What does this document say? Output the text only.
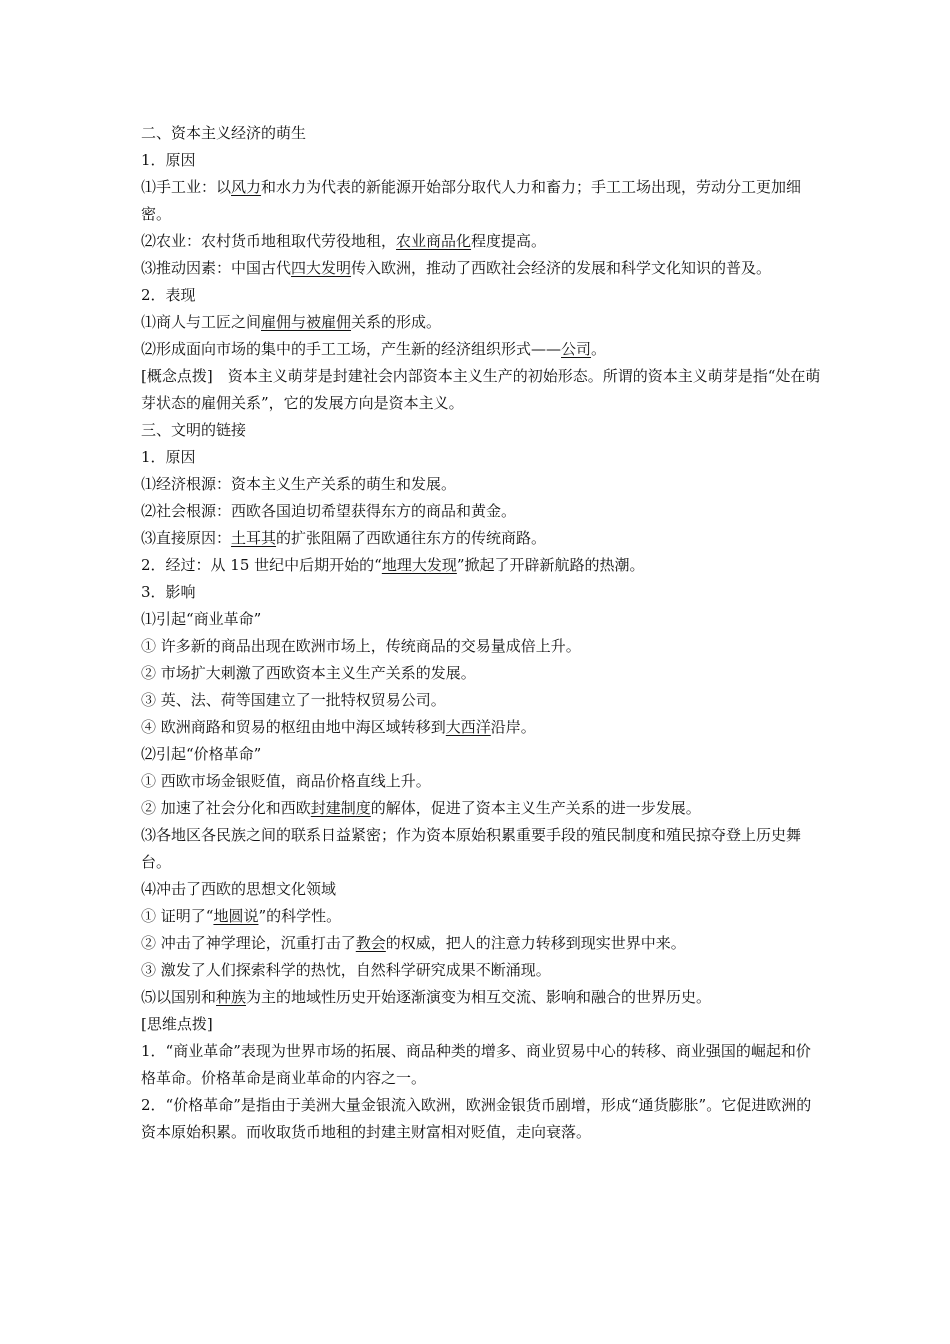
二、资本主义经济的萌生

1．原因

⑴手工业：以风力和水力为代表的新能源开始部分取代人力和畜力；手工工场出现，劳动分工更加细密。

⑵农业：农村货币地租取代劳役地租，农业商品化程度提高。

⑶推动因素：中国古代四大发明传入欧洲，推动了西欧社会经济的发展和科学文化知识的普及。

2．表现

⑴商人与工匠之间雇佣与被雇佣关系的形成。

⑵形成面向市场的集中的手工工场，产生新的经济组织形式——公司。

[概念点拨]　资本主义萌芽是封建社会内部资本主义生产的初始形态。所谓的资本主义萌芽是指“处在萌芽状态的雇佣关系”，它的发展方向是资本主义。

三、文明的链接

1．原因

⑴经济根源：资本主义生产关系的萌生和发展。

⑵社会根源：西欧各国迫切希望获得东方的商品和黄金。

⑶直接原因：土耳其的扩张阻隔了西欧通往东方的传统商路。

2．经过：从 15 世纪中后期开始的“地理大发现”掀起了开辟新航路的热潮。

3．影响

⑴引起“商业革命”

① 许多新的商品出现在欧洲市场上，传统商品的交易量成倍上升。

② 市场扩大刺激了西欧资本主义生产关系的发展。

③ 英、法、荷等国建立了一批特权贸易公司。

④ 欧洲商路和贸易的枢纽由地中海区域转移到大西洋沿岸。

⑵引起“价格革命”

① 西欧市场金银贬值，商品价格直线上升。

② 加速了社会分化和西欧封建制度的解体，促进了资本主义生产关系的进一步发展。

⑶各地区各民族之间的联系日益紧密；作为资本原始积累重要手段的殖民制度和殖民掠夺登上历史舞台。

⑷冲击了西欧的思想文化领域

① 证明了“地圆说”的科学性。

② 冲击了神学理论，沉重打击了教会的权威，把人的注意力转移到现实世界中来。

③ 激发了人们探索科学的热忱，自然科学研究成果不断涌现。

⑸以国别和种族为主的地域性历史开始逐渐演变为相互交流、影响和融合的世界历史。

[思维点拨]

1．“商业革命”表现为世界市场的拓展、商品种类的增多、商业贸易中心的转移、商业强国的崛起和价格革命。价格革命是商业革命的内容之一。

2．“价格革命”是指由于美洲大量金银流入欧洲，欧洲金银货币剧增，形成“通货膨胀”。它促进欧洲的资本原始积累。而收取货币地租的封建主财富相对贬值，走向衰落。
